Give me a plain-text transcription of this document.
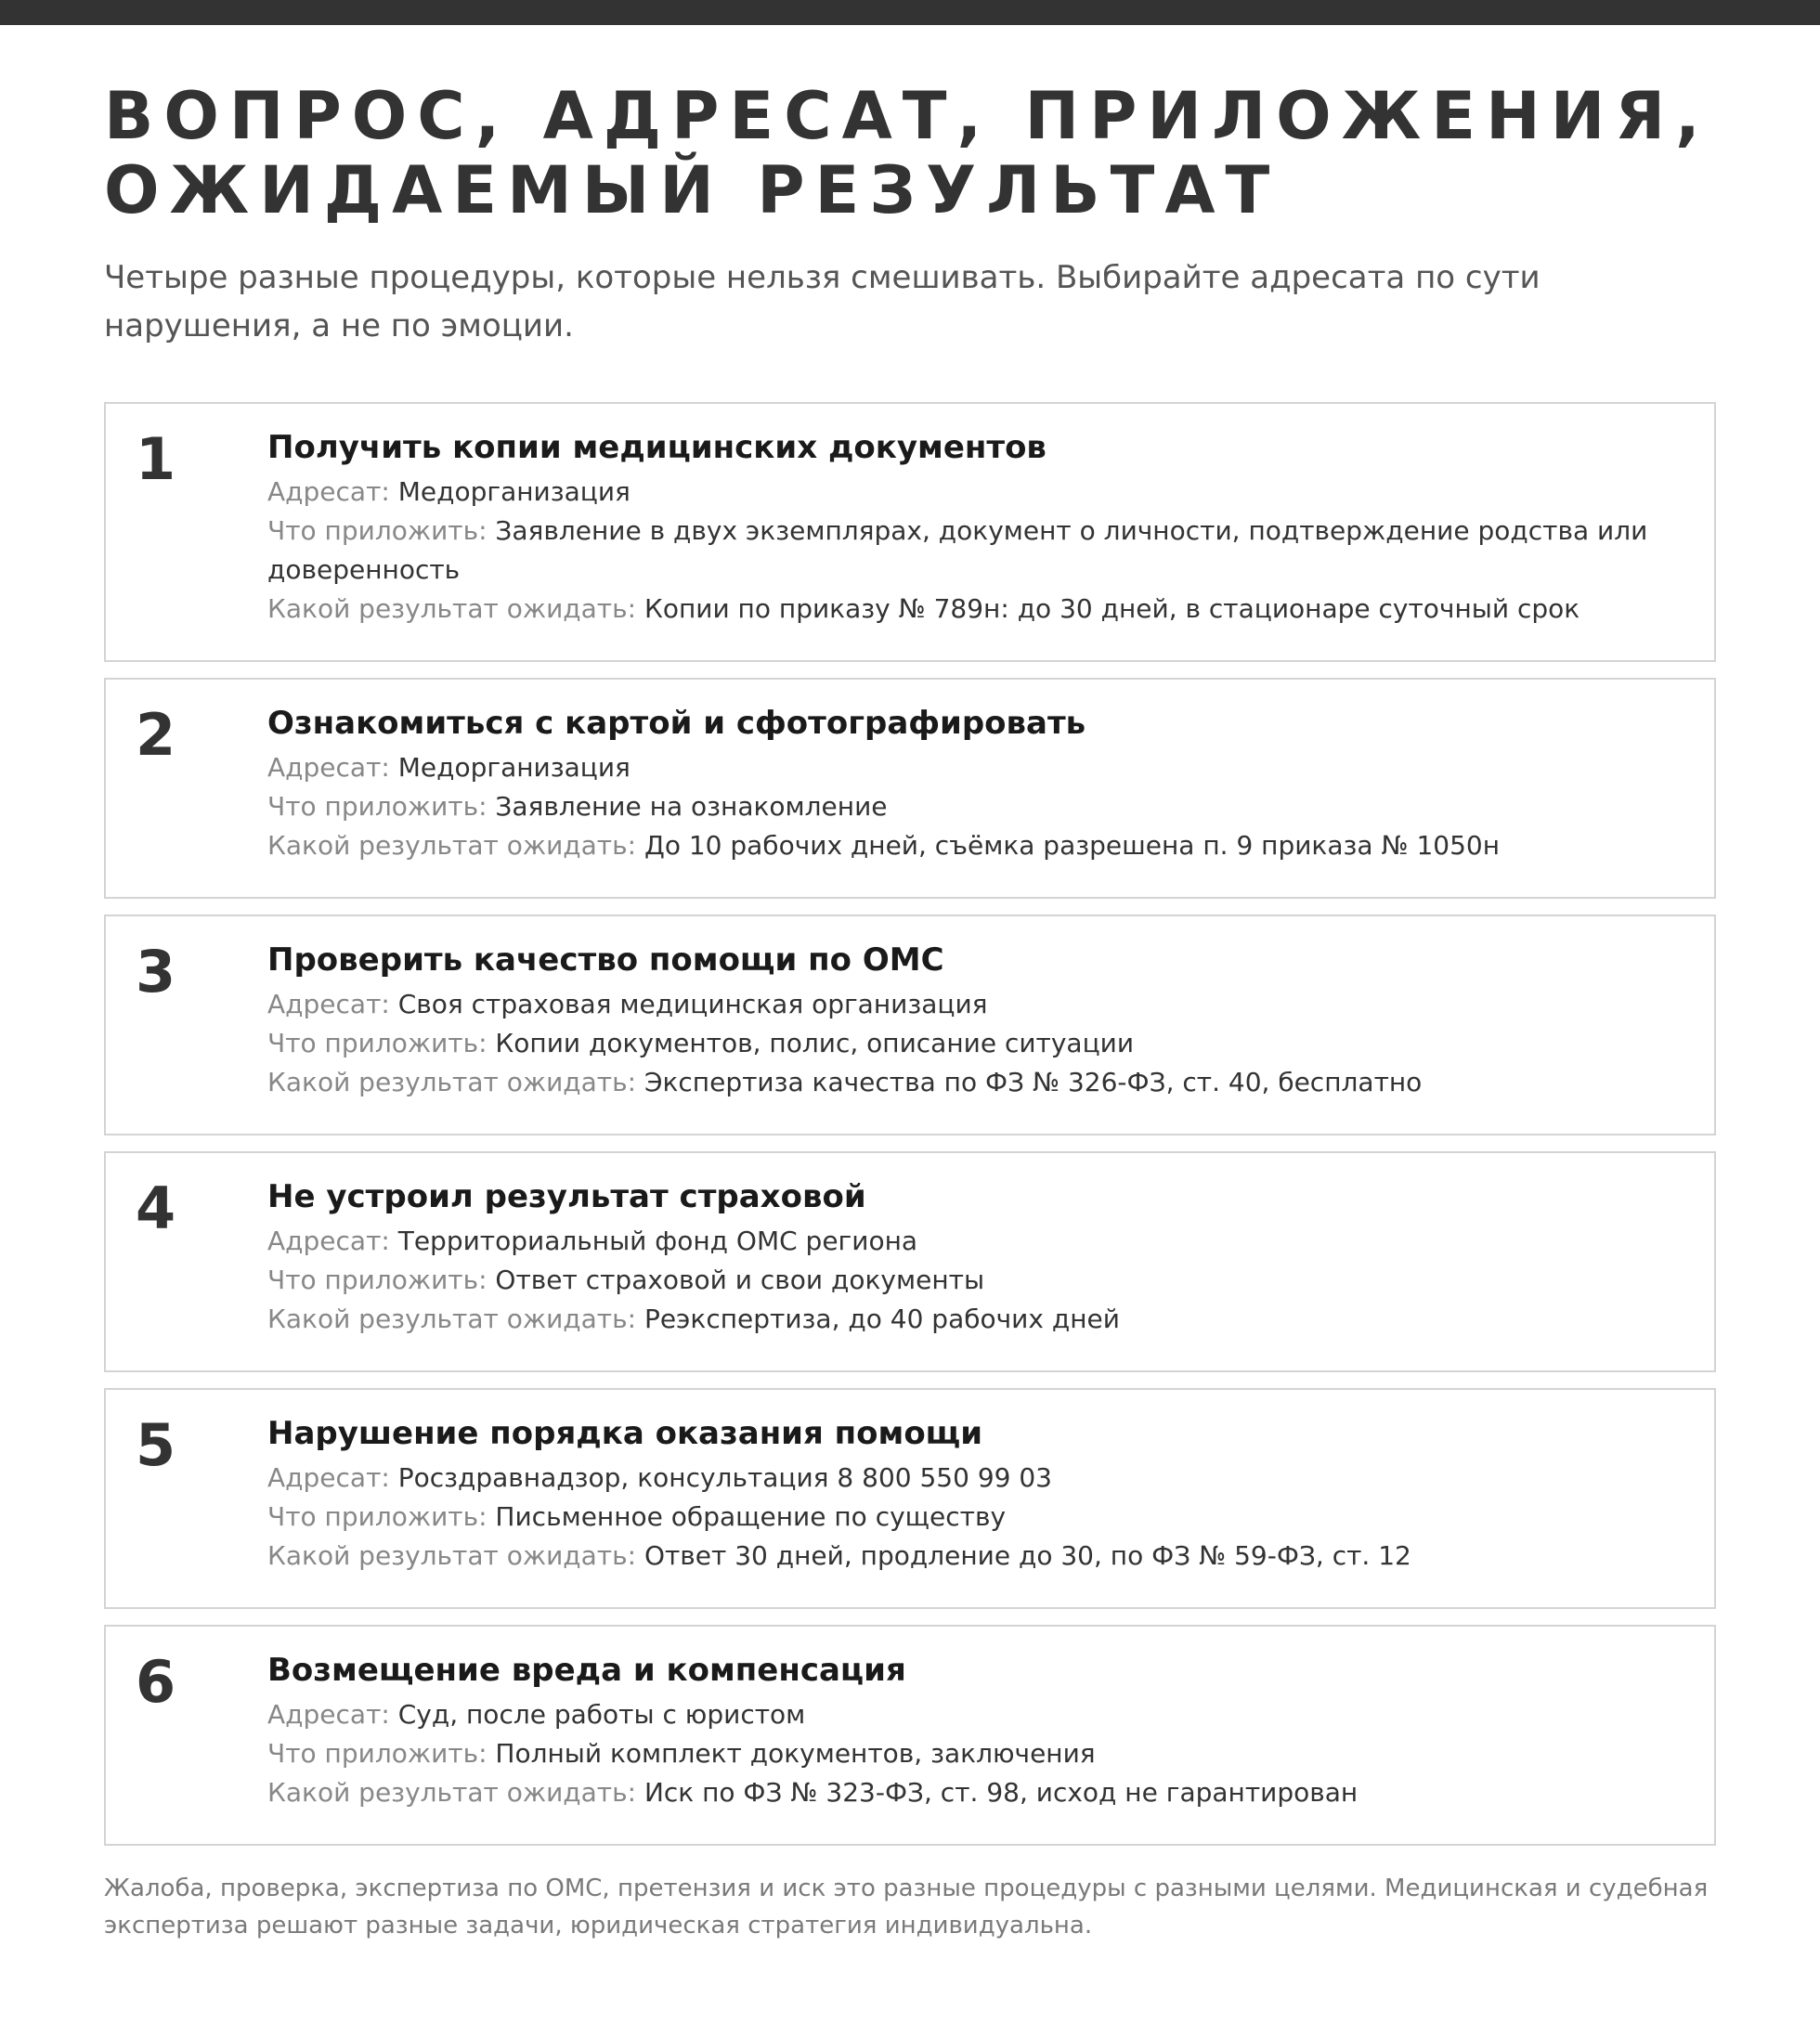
ВОПРОС, АДРЕСАТ, ПРИЛОЖЕНИЯ, ОЖИДАЕМЫЙ РЕЗУЛЬТАТ

Четыре разные процедуры, которые нельзя смешивать. Выбирайте адресата по сути нарушения, а не по эмоции.

1	Получить копии медицинских документов
Адресат: Медорганизация
Что приложить: Заявление в двух экземплярах, документ о личности, подтверждение родства или доверенность
Какой результат ожидать: Копии по приказу № 789н: до 30 дней, в стационаре суточный срок
2	Ознакомиться с картой и сфотографировать
Адресат: Медорганизация
Что приложить: Заявление на ознакомление
Какой результат ожидать: До 10 рабочих дней, съёмка разрешена п. 9 приказа № 1050н
3	Проверить качество помощи по ОМС
Адресат: Своя страховая медицинская организация
Что приложить: Копии документов, полис, описание ситуации
Какой результат ожидать: Экспертиза качества по ФЗ № 326-ФЗ, ст. 40, бесплатно
4	Не устроил результат страховой
Адресат: Территориальный фонд ОМС региона
Что приложить: Ответ страховой и свои документы
Какой результат ожидать: Реэкспертиза, до 40 рабочих дней
5	Нарушение порядка оказания помощи
Адресат: Росздравнадзор, консультация 8 800 550 99 03
Что приложить: Письменное обращение по существу
Какой результат ожидать: Ответ 30 дней, продление до 30, по ФЗ № 59-ФЗ, ст. 12
6	Возмещение вреда и компенсация
Адресат: Суд, после работы с юристом
Что приложить: Полный комплект документов, заключения
Какой результат ожидать: Иск по ФЗ № 323-ФЗ, ст. 98, исход не гарантирован

Жалоба, проверка, экспертиза по ОМС, претензия и иск это разные процедуры с разными целями. Медицинская и судебная экспертиза решают разные задачи, юридическая стратегия индивидуальна.
